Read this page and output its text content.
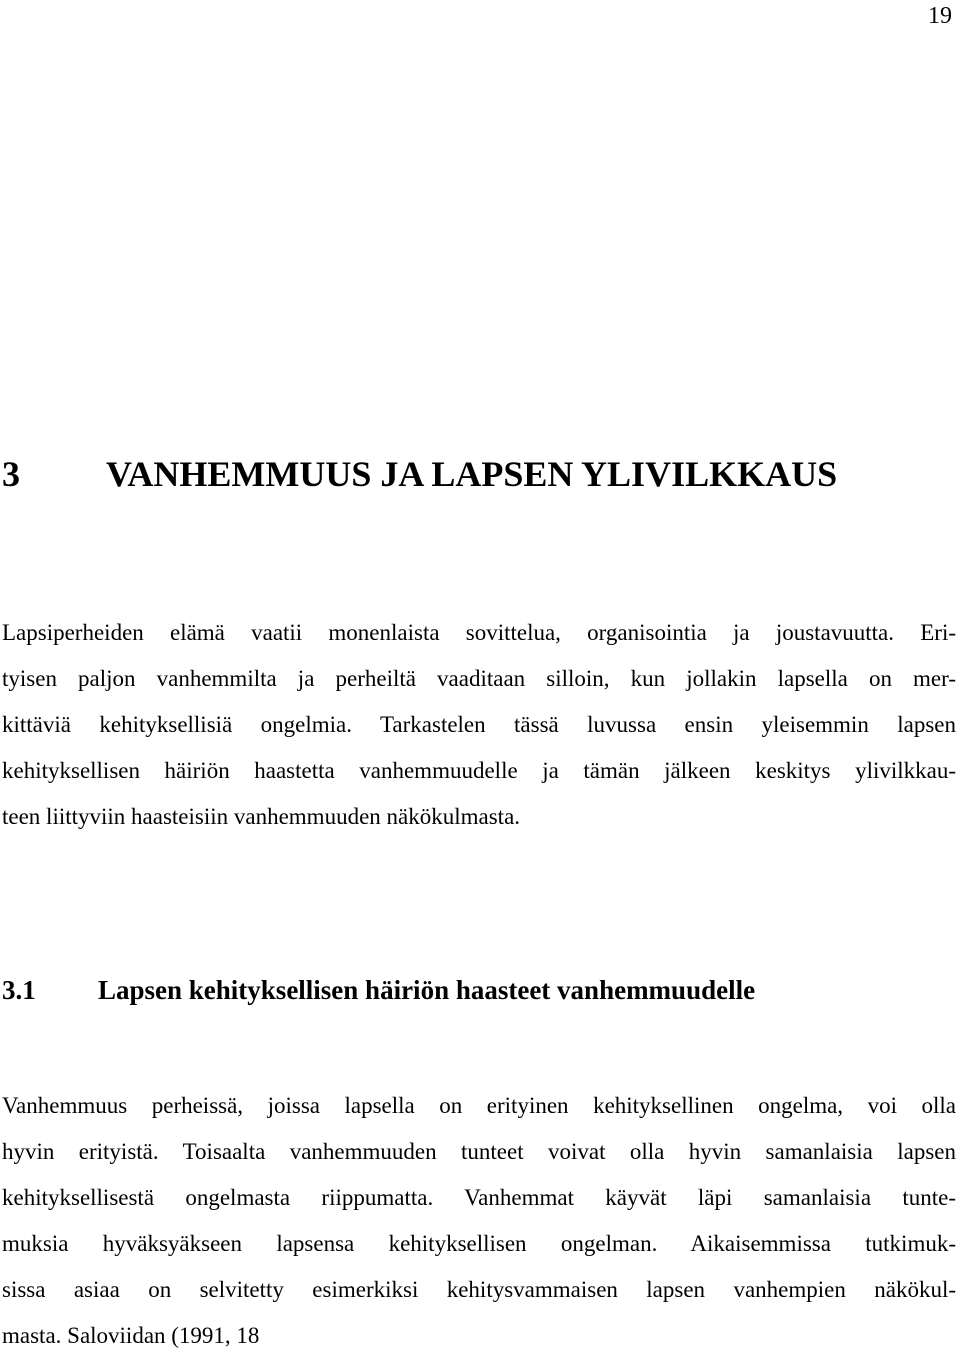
19
3 VANHEMMUUS JA LAPSEN YLIVILKKAUS
Lapsiperheiden elämä vaatii monenlaista sovittelua, organisointia ja joustavuutta. Eri-
tyisen paljon vanhemmilta ja perheiltä vaaditaan silloin, kun jollakin lapsella on mer-
kittäviä kehityksellisiä ongelmia. Tarkastelen tässä luvussa ensin yleisemmin lapsen
kehityksellisen häiriön haastetta vanhemmuudelle ja tämän jälkeen keskitys ylivilkkau-
teen liittyviin haasteisiin vanhemmuuden näkökulmasta.
3.1 Lapsen kehityksellisen häiriön haasteet vanhemmuudelle
Vanhemmuus perheissä, joissa lapsella on erityinen kehityksellinen ongelma, voi olla
hyvin erityistä. Toisaalta vanhemmuuden tunteet voivat olla hyvin samanlaisia lapsen
kehityksellisestä ongelmasta riippumatta. Vanhemmat käyvät läpi samanlaisia tunte-
muksia hyväksyäkseen lapsensa kehityksellisen ongelman. Aikaisemmissa tutkimuk-
sissa asiaa on selvitetty esimerkiksi kehitysvammaisen lapsen vanhempien näkökul-
masta. Saloviidan (1991, 18
